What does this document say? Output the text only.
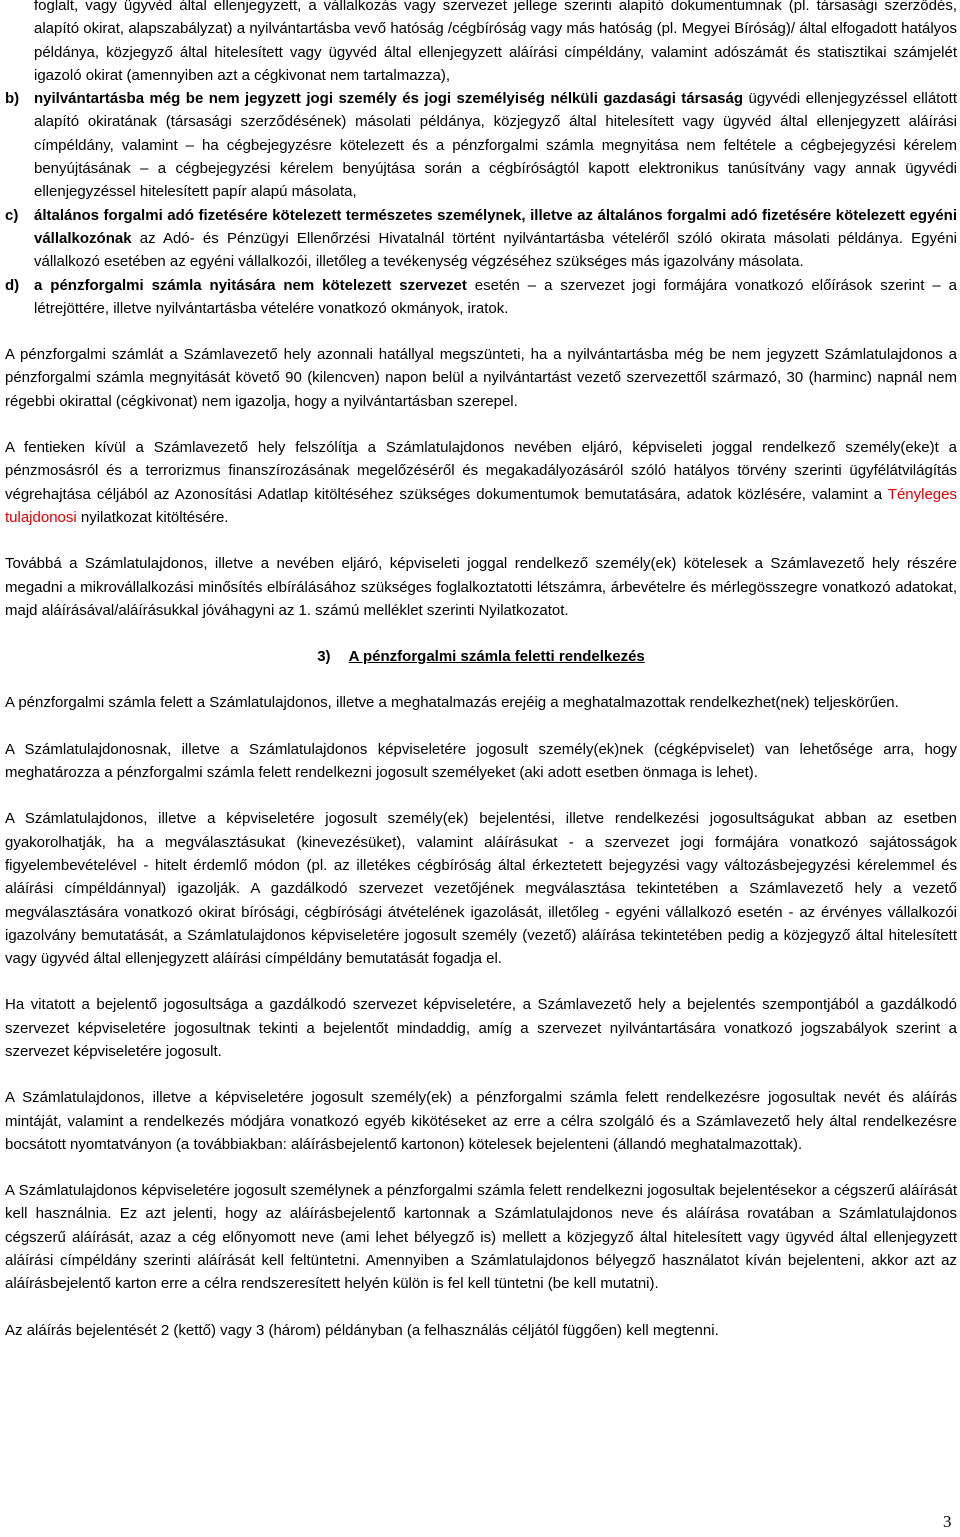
foglalt, vagy ügyvéd által ellenjegyzett, a vállalkozás vagy szervezet jellege szerinti alapító dokumentumnak (pl. társasági szerződés, alapító okirat, alapszabályzat) a nyilvántartásba vevő hatóság /cégbíróság vagy más hatóság (pl. Megyei Bíróság)/ által elfogadott hatályos példánya, közjegyző által hitelesített vagy ügyvéd által ellenjegyzett aláírási címpéldány, valamint adószámát és statisztikai számjelét igazoló okirat (amennyiben azt a cégkivonat nem tartalmazza),

b) nyilvántartásba még be nem jegyzett jogi személy és jogi személyiség nélküli gazdasági társaság ügyvédi ellenjegyzéssel ellátott alapító okiratának (társasági szerződésének) másolati példánya, közjegyző által hitelesített vagy ügyvéd által ellenjegyzett aláírási címpéldány, valamint – ha cégbejegyzésre kötelezett és a pénzforgalmi számla megnyitása nem feltétele a cégbejegyzési kérelem benyújtásának – a cégbejegyzési kérelem benyújtása során a cégbíróságtól kapott elektronikus tanúsítvány vagy annak ügyvédi ellenjegyzéssel hitelesített papír alapú másolata,

c) általános forgalmi adó fizetésére kötelezett természetes személynek, illetve az általános forgalmi adó fizetésére kötelezett egyéni vállalkozónak az Adó- és Pénzügyi Ellenőrzési Hivatalnál történt nyilvántartásba vételéről szóló okirata másolati példánya. Egyéni vállalkozó esetében az egyéni vállalkozói, illetőleg a tevékenység végzéséhez szükséges más igazolvány másolata.

d) a pénzforgalmi számla nyitására nem kötelezett szervezet esetén – a szervezet jogi formájára vonatkozó előírások szerint – a létrejöttére, illetve nyilvántartásba vételére vonatkozó okmányok, iratok.

A pénzforgalmi számlát a Számlavezető hely azonnali hatállyal megszünteti, ha a nyilvántartásba még be nem jegyzett Számlatulajdonos a pénzforgalmi számla megnyitását követő 90 (kilencven) napon belül a nyilvántartást vezető szervezettől származó, 30 (harminc) napnál nem régebbi okirattal (cégkivonat) nem igazolja, hogy a nyilvántartásban szerepel.

A fentieken kívül a Számlavezető hely felszólítja a Számlatulajdonos nevében eljáró, képviseleti joggal rendelkező személy(eke)t a pénzmosásról és a terrorizmus finanszírozásának megelőzéséről és megakadályozásáról szóló hatályos törvény szerinti ügyfélátvilágítás végrehajtása céljából az Azonosítási Adatlap kitöltéséhez szükséges dokumentumok bemutatására, adatok közlésére, valamint a Tényleges tulajdonosi nyilatkozat kitöltésére.

Továbbá a Számlatulajdonos, illetve a nevében eljáró, képviseleti joggal rendelkező személy(ek) kötelesek a Számlavezető hely részére megadni a mikrovállalkozási minősítés elbírálásához szükséges foglalkoztatotti létszámra, árbevételre és mérlegösszegre vonatkozó adatokat, majd aláírásával/aláírásukkal jóváhagyni az 1. számú melléklet szerinti Nyilatkozatot.

3) A pénzforgalmi számla feletti rendelkezés

A pénzforgalmi számla felett a Számlatulajdonos, illetve a meghatalmazás erejéig a meghatalmazottak rendelkezhet(nek) teljeskörűen.

A Számlatulajdonosnak, illetve a Számlatulajdonos képviseletére jogosult személy(ek)nek (cégképviselet) van lehetősége arra, hogy meghatározza a pénzforgalmi számla felett rendelkezni jogosult személyeket (aki adott esetben önmaga is lehet).

A Számlatulajdonos, illetve a képviseletére jogosult személy(ek) bejelentési, illetve rendelkezési jogosultságukat abban az esetben gyakorolhatják, ha a megválasztásukat (kinevezésüket), valamint aláírásukat - a szervezet jogi formájára vonatkozó sajátosságok figyelembevételével - hitelt érdemlő módon (pl. az illetékes cégbíróság által érkeztetett bejegyzési vagy változásbejegyzési kérelemmel és aláírási címpéldánnyal) igazolják. A gazdálkodó szervezet vezetőjének megválasztása tekintetében a Számlavezető hely a vezető megválasztására vonatkozó okirat bírósági, cégbírósági átvételének igazolását, illetőleg - egyéni vállalkozó esetén - az érvényes vállalkozói igazolvány bemutatását, a Számlatulajdonos képviseletére jogosult személy (vezető) aláírása tekintetében pedig a közjegyző által hitelesített vagy ügyvéd által ellenjegyzett aláírási címpéldány bemutatását fogadja el.

Ha vitatott a bejelentő jogosultsága a gazdálkodó szervezet képviseletére, a Számlavezető hely a bejelentés szempontjából a gazdálkodó szervezet képviseletére jogosultnak tekinti a bejelentőt mindaddig, amíg a szervezet nyilvántartására vonatkozó jogszabályok szerint a szervezet képviseletére jogosult.

A Számlatulajdonos, illetve a képviseletére jogosult személy(ek) a pénzforgalmi számla felett rendelkezésre jogosultak nevét és aláírás mintáját, valamint a rendelkezés módjára vonatkozó egyéb kikötéseket az erre a célra szolgáló és a Számlavezető hely által rendelkezésre bocsátott nyomtatványon (a továbbiakban: aláírásbejelentő kartonon) kötelesek bejelenteni (állandó meghatalmazottak).

A Számlatulajdonos képviseletére jogosult személynek a pénzforgalmi számla felett rendelkezni jogosultak bejelentésekor a cégszerű aláírását kell használnia. Ez azt jelenti, hogy az aláírásbejelentő kartonnak a Számlatulajdonos neve és aláírása rovatában a Számlatulajdonos cégszerű aláírását, azaz a cég előnyomott neve (ami lehet bélyegző is) mellett a közjegyző által hitelesített vagy ügyvéd által ellenjegyzett aláírási címpéldány szerinti aláírását kell feltüntetni. Amennyiben a Számlatulajdonos bélyegző használatot kíván bejelenteni, akkor azt az aláírásbejelentő karton erre a célra rendszeresített helyén külön is fel kell tüntetni (be kell mutatni).

Az aláírás bejelentését 2 (kettő) vagy 3 (három) példányban (a felhasználás céljától függően) kell megtenni.

3
